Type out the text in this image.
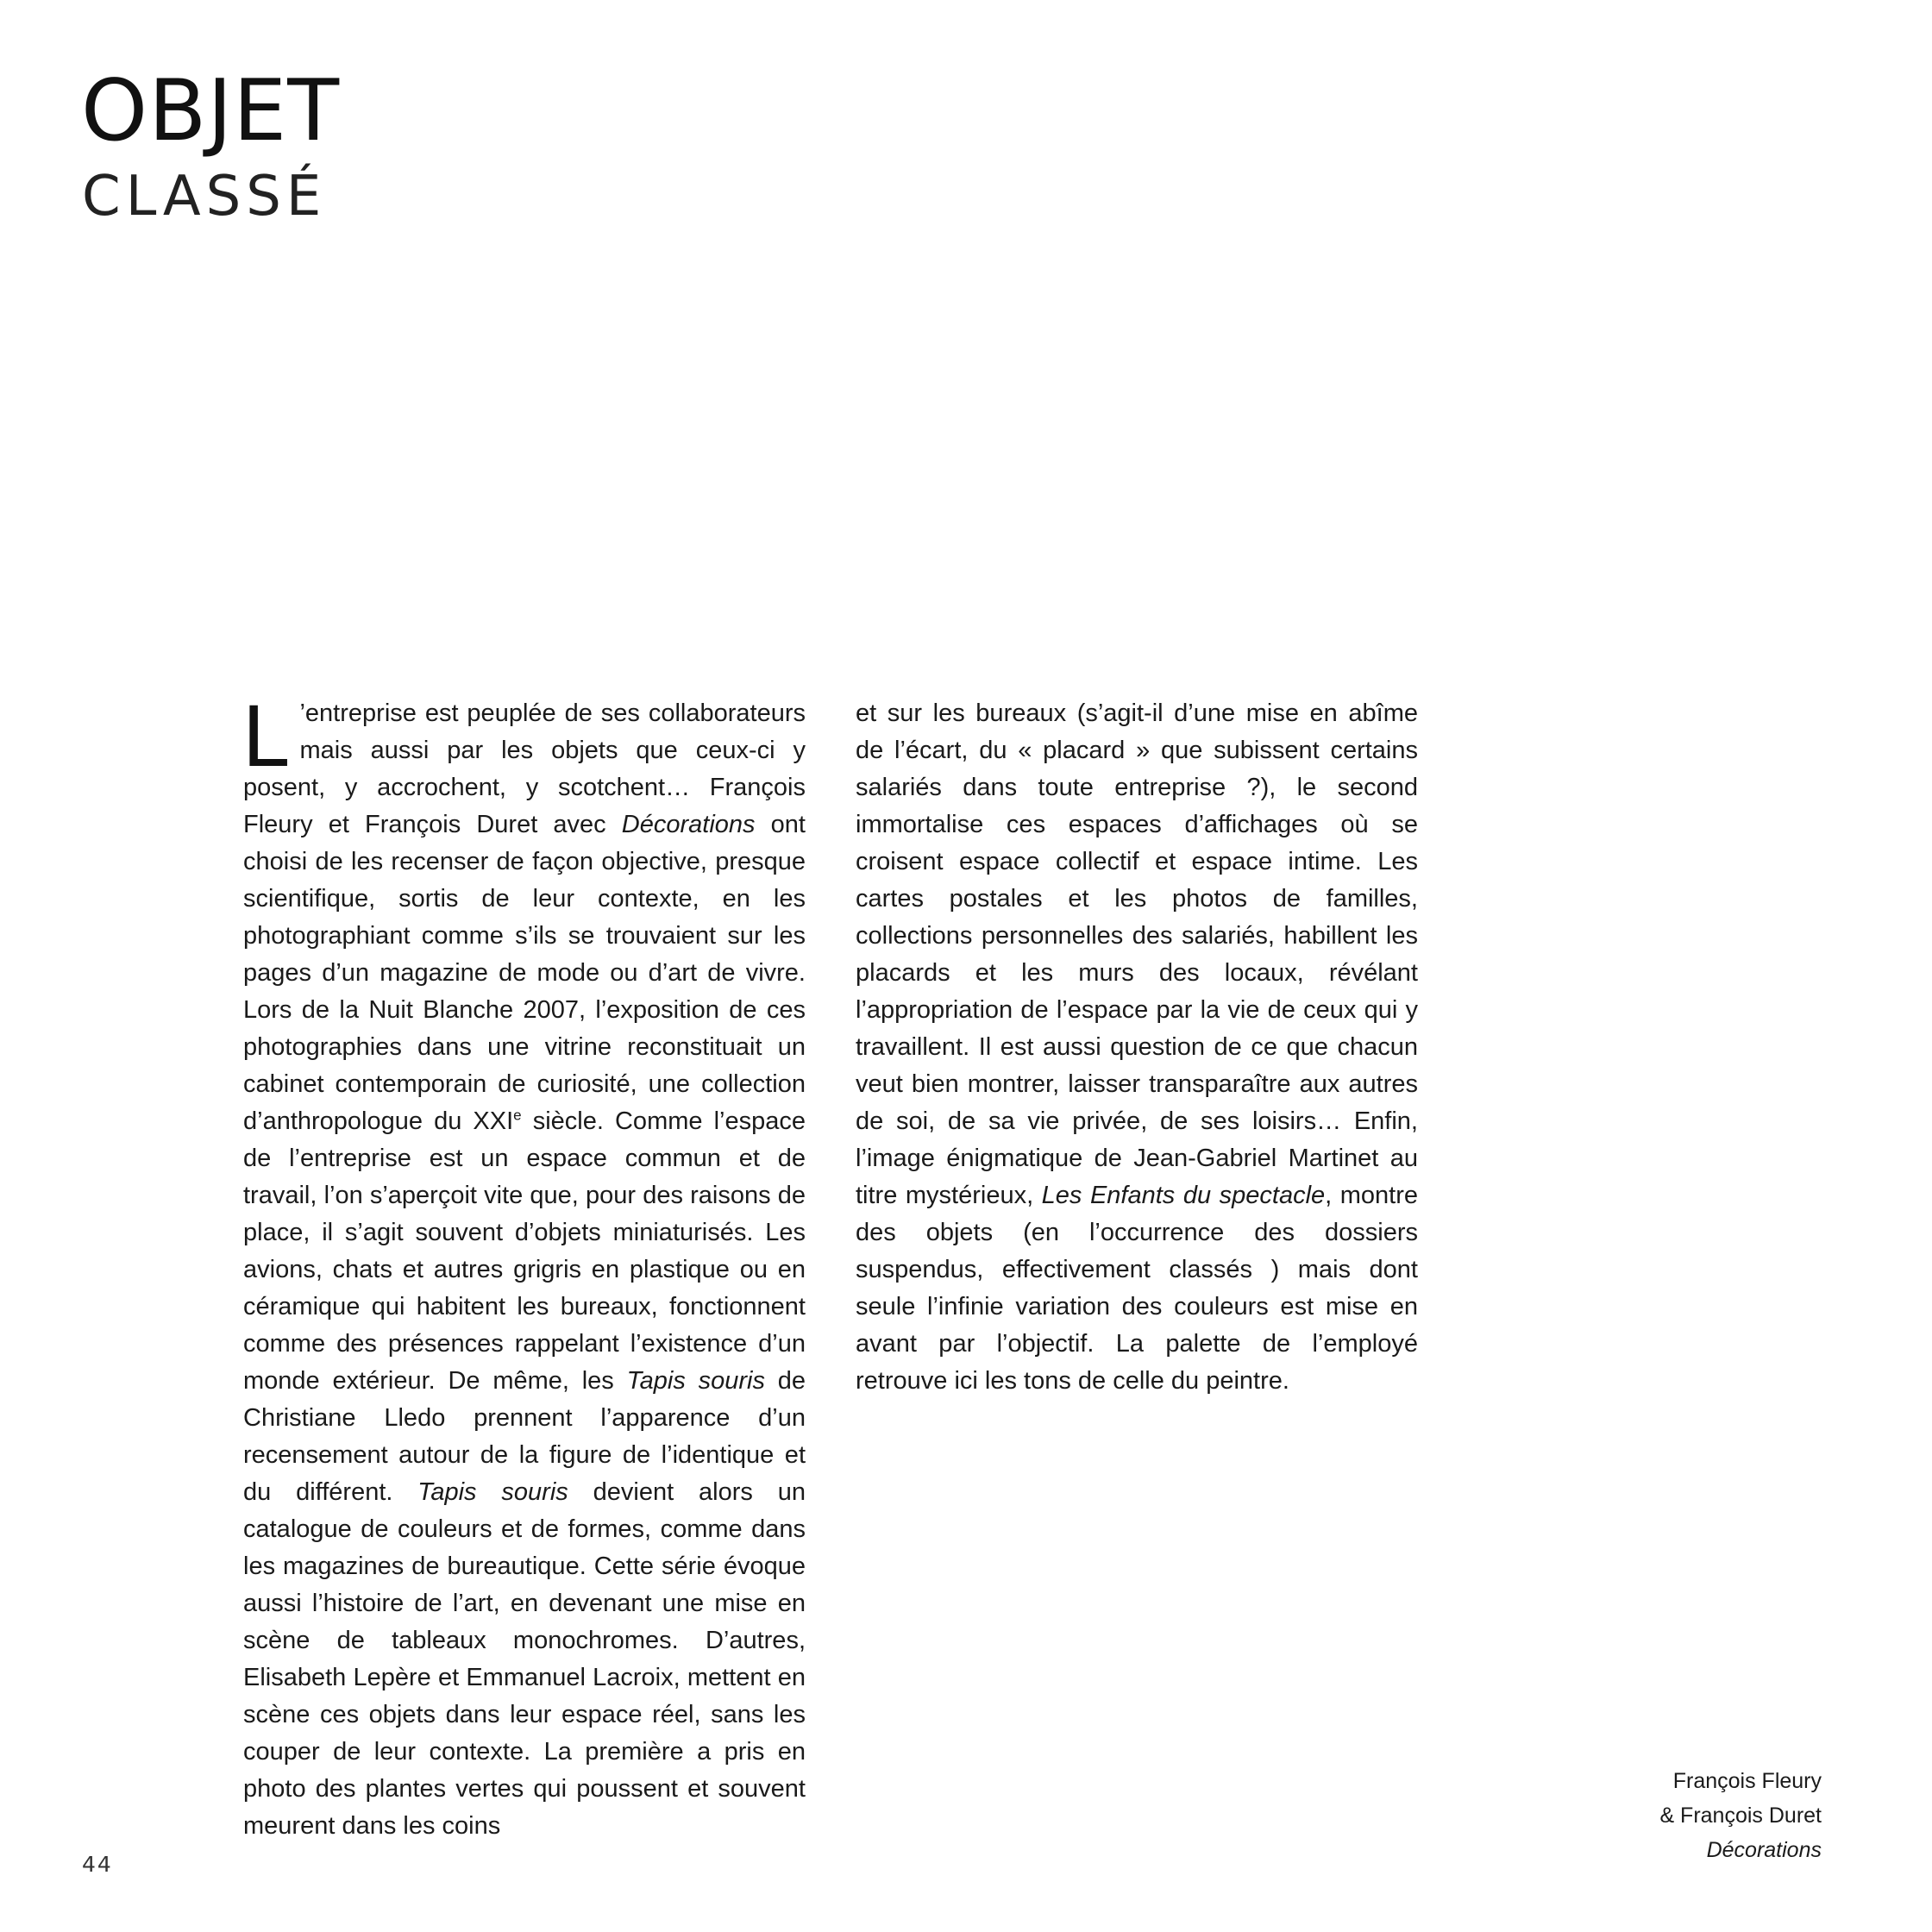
OBJET
CLASSÉ

L ’entreprise est peuplée de ses collaborateurs mais aussi par les objets que ceux-ci y posent, y accrochent, y scotchent… François Fleury et François Duret avec Décorations ont choisi de les recenser de façon objective, presque scientifique, sortis de leur contexte, en les photographiant comme s’ils se trouvaient sur les pages d’un magazine de mode ou d’art de vivre. Lors de la Nuit Blanche 2007, l’exposition de ces photographies dans une vitrine reconstituait un cabinet contemporain de curiosité, une collection d’anthropologue du XXIe siècle. Comme l’espace de l’entreprise est un espace commun et de travail, l’on s’aperçoit vite que, pour des raisons de place, il s’agit souvent d’objets miniaturisés. Les avions, chats et autres grigris en plastique ou en céramique qui habitent les bureaux, fonctionnent comme des présences rappelant l’existence d’un monde extérieur. De même, les Tapis souris de Christiane Lledo prennent l’apparence d’un recensement autour de la figure de l’identique et du différent. Tapis souris devient alors un catalogue de couleurs et de formes, comme dans les magazines de bureautique. Cette série évoque aussi l’histoire de l’art, en devenant une mise en scène de tableaux monochromes. D’autres, Elisabeth Lepère et Emmanuel Lacroix, mettent en scène ces objets dans leur espace réel, sans les couper de leur contexte. La première a pris en photo des plantes vertes qui poussent et souvent meurent dans les coins

et sur les bureaux (s’agit-il d’une mise en abîme de l’écart, du « placard » que subissent certains salariés dans toute entreprise ?), le second immortalise ces espaces d’affichages où se croisent espace collectif et espace intime. Les cartes postales et les photos de familles, collections personnelles des salariés, habillent les placards et les murs des locaux, révélant l’appropriation de l’espace par la vie de ceux qui y travaillent. Il est aussi question de ce que chacun veut bien montrer, laisser transparaître aux autres de soi, de sa vie privée, de ses loisirs… Enfin, l’image énigmatique de Jean-Gabriel Martinet au titre mystérieux, Les Enfants du spectacle, montre des objets (en l’occurrence des dossiers suspendus, effectivement classés ) mais dont seule l’infinie variation des couleurs est mise en avant par l’objectif. La palette de l’employé retrouve ici les tons de celle du peintre.

François Fleury
& François Duret
Décorations
44
